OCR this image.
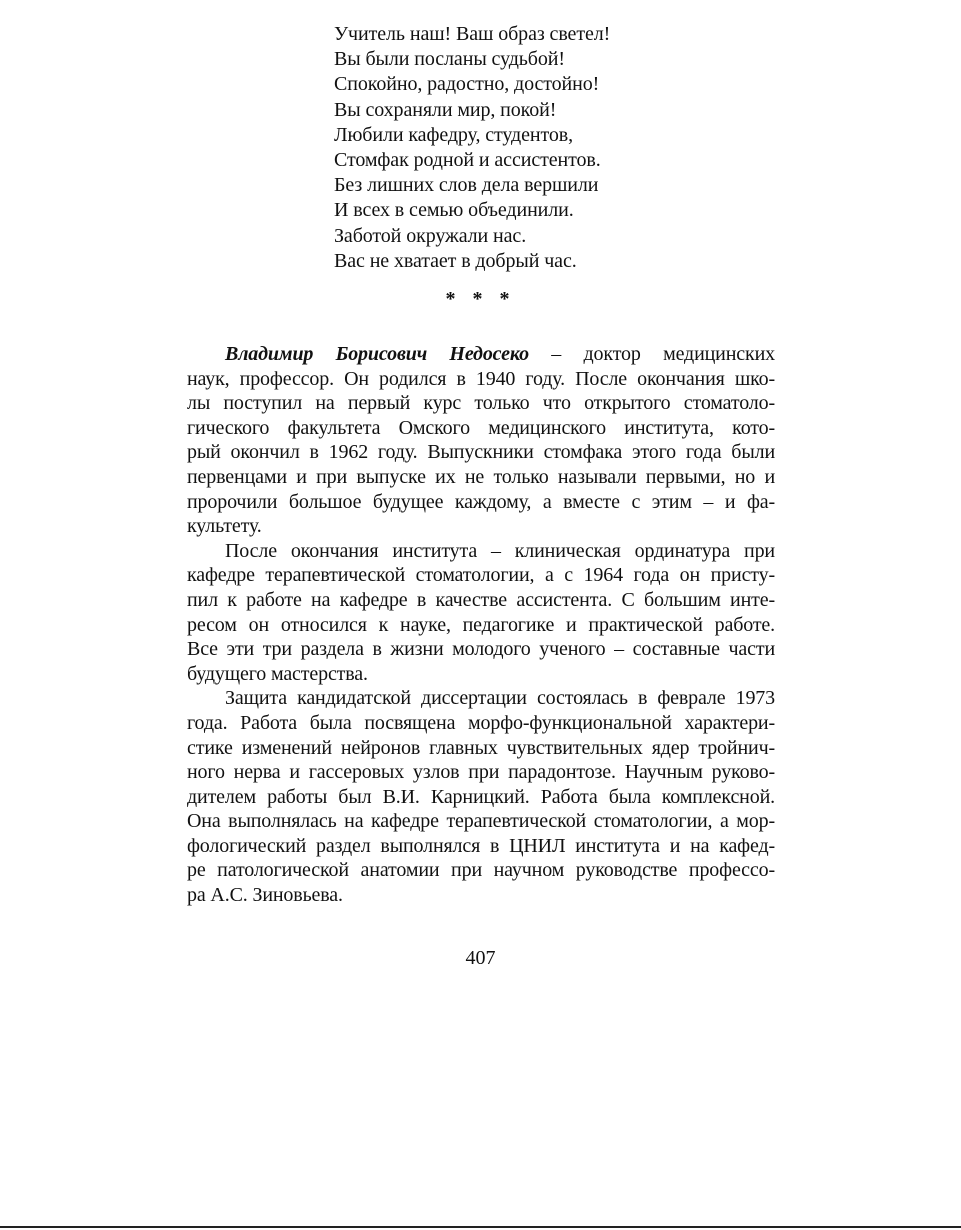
Учитель наш! Ваш образ светел!
Вы были посланы судьбой!
Спокойно, радостно, достойно!
Вы сохраняли мир, покой!
Любили кафедру, студентов,
Стомфак родной и ассистентов.
Без лишних слов дела вершили
И всех в семью объединили.
Заботой окружали нас.
Вас не хватает в добрый час.
* * *
Владимир Борисович Недосеко – доктор медицинских
наук, профессор. Он родился в 1940 году. После окончания шко-
лы поступил на первый курс только что открытого стоматоло-
гического факультета Омского медицинского института, кото-
рый окончил в 1962 году. Выпускники стомфака этого года были
первенцами и при выпуске их не только называли первыми, но и
пророчили большое будущее каждому, а вместе с этим – и фа-
культету.
После окончания института – клиническая ординатура при
кафедре терапевтической стоматологии, а с 1964 года он присту-
пил к работе на кафедре в качестве ассистента. С большим инте-
ресом он относился к науке, педагогике и практической работе.
Все эти три раздела в жизни молодого ученого – составные части
будущего мастерства.
Защита кандидатской диссертации состоялась в феврале 1973
года. Работа была посвящена морфо-функциональной характери-
стике изменений нейронов главных чувствительных ядер тройнич-
ного нерва и гассеровых узлов при парадонтозе. Научным руково-
дителем работы был В.И. Карницкий. Работа была комплексной.
Она выполнялась на кафедре терапевтической стоматологии, а мор-
фологический раздел выполнялся в ЦНИЛ института и на кафед-
ре патологической анатомии при научном руководстве профессо-
ра А.С. Зиновьева.
407
